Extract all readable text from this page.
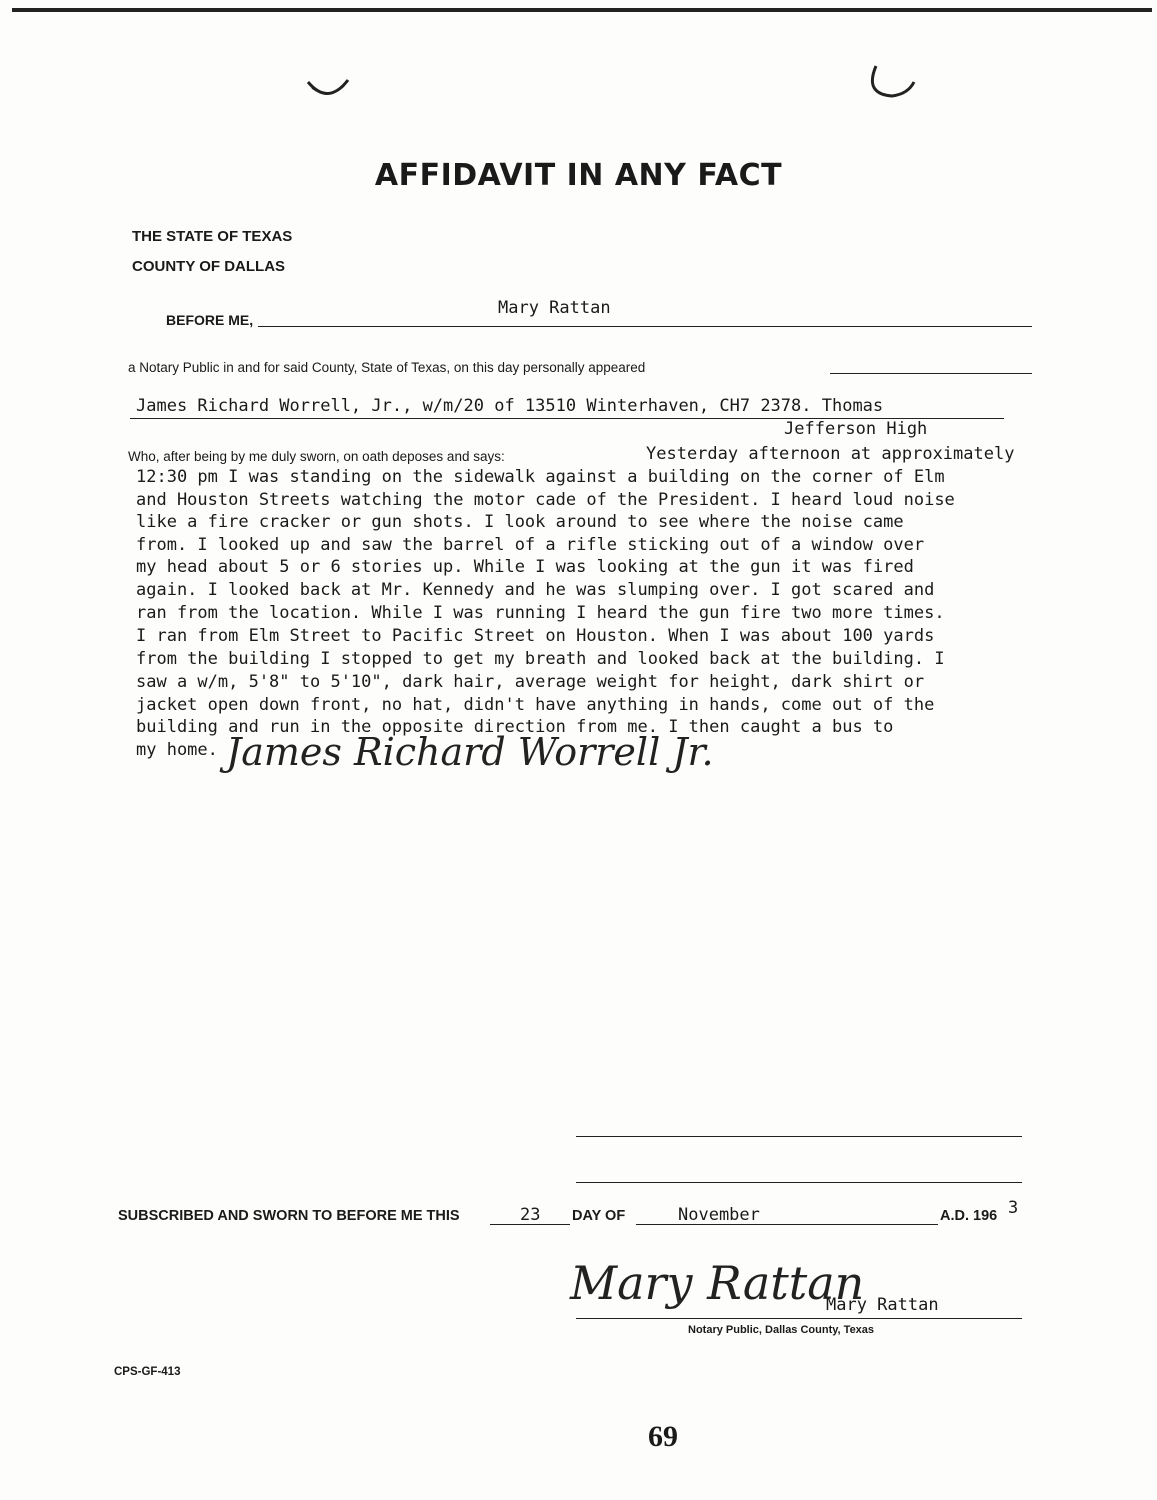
AFFIDAVIT IN ANY FACT
THE STATE OF TEXAS
COUNTY OF DALLAS
BEFORE ME,
Mary Rattan
a Notary Public in and for said County, State of Texas, on this day personally appeared
James Richard Worrell, Jr., w/m/20 of 13510 Winterhaven, CH7 2378. Thomas
Jefferson High
Who, after being by me duly sworn, on oath deposes and says:	Yesterday afternoon at approximately
12:30 pm I was standing on the sidewalk against a building on the corner of Elm
and Houston Streets watching the motor cade of the President. I heard loud noise
like a fire cracker or gun shots. I look around to see where the noise came
from. I looked up and saw the barrel of a rifle sticking out of a window over
my head about 5 or 6 stories up. While I was looking at the gun it was fired
again. I looked back at Mr. Kennedy and he was slumping over. I got scared and
ran from the location. While I was running I heard the gun fire two more times.
I ran from Elm Street to Pacific Street on Houston. When I was about 100 yards
from the building I stopped to get my breath and looked back at the building. I
saw a w/m, 5'8" to 5'10", dark hair, average weight for height, dark shirt or
jacket open down front, no hat, didn't have anything in hands, come out of the
building and run in the opposite direction from me. I then caught a bus to
my home. James Richard Worrell Jr.
SUBSCRIBED AND SWORN TO BEFORE ME THIS	23 DAY OF	November	A.D. 196 3
Mary Rattan
Mary Rattan
Notary Public, Dallas County, Texas
CPS-GF-413
69
